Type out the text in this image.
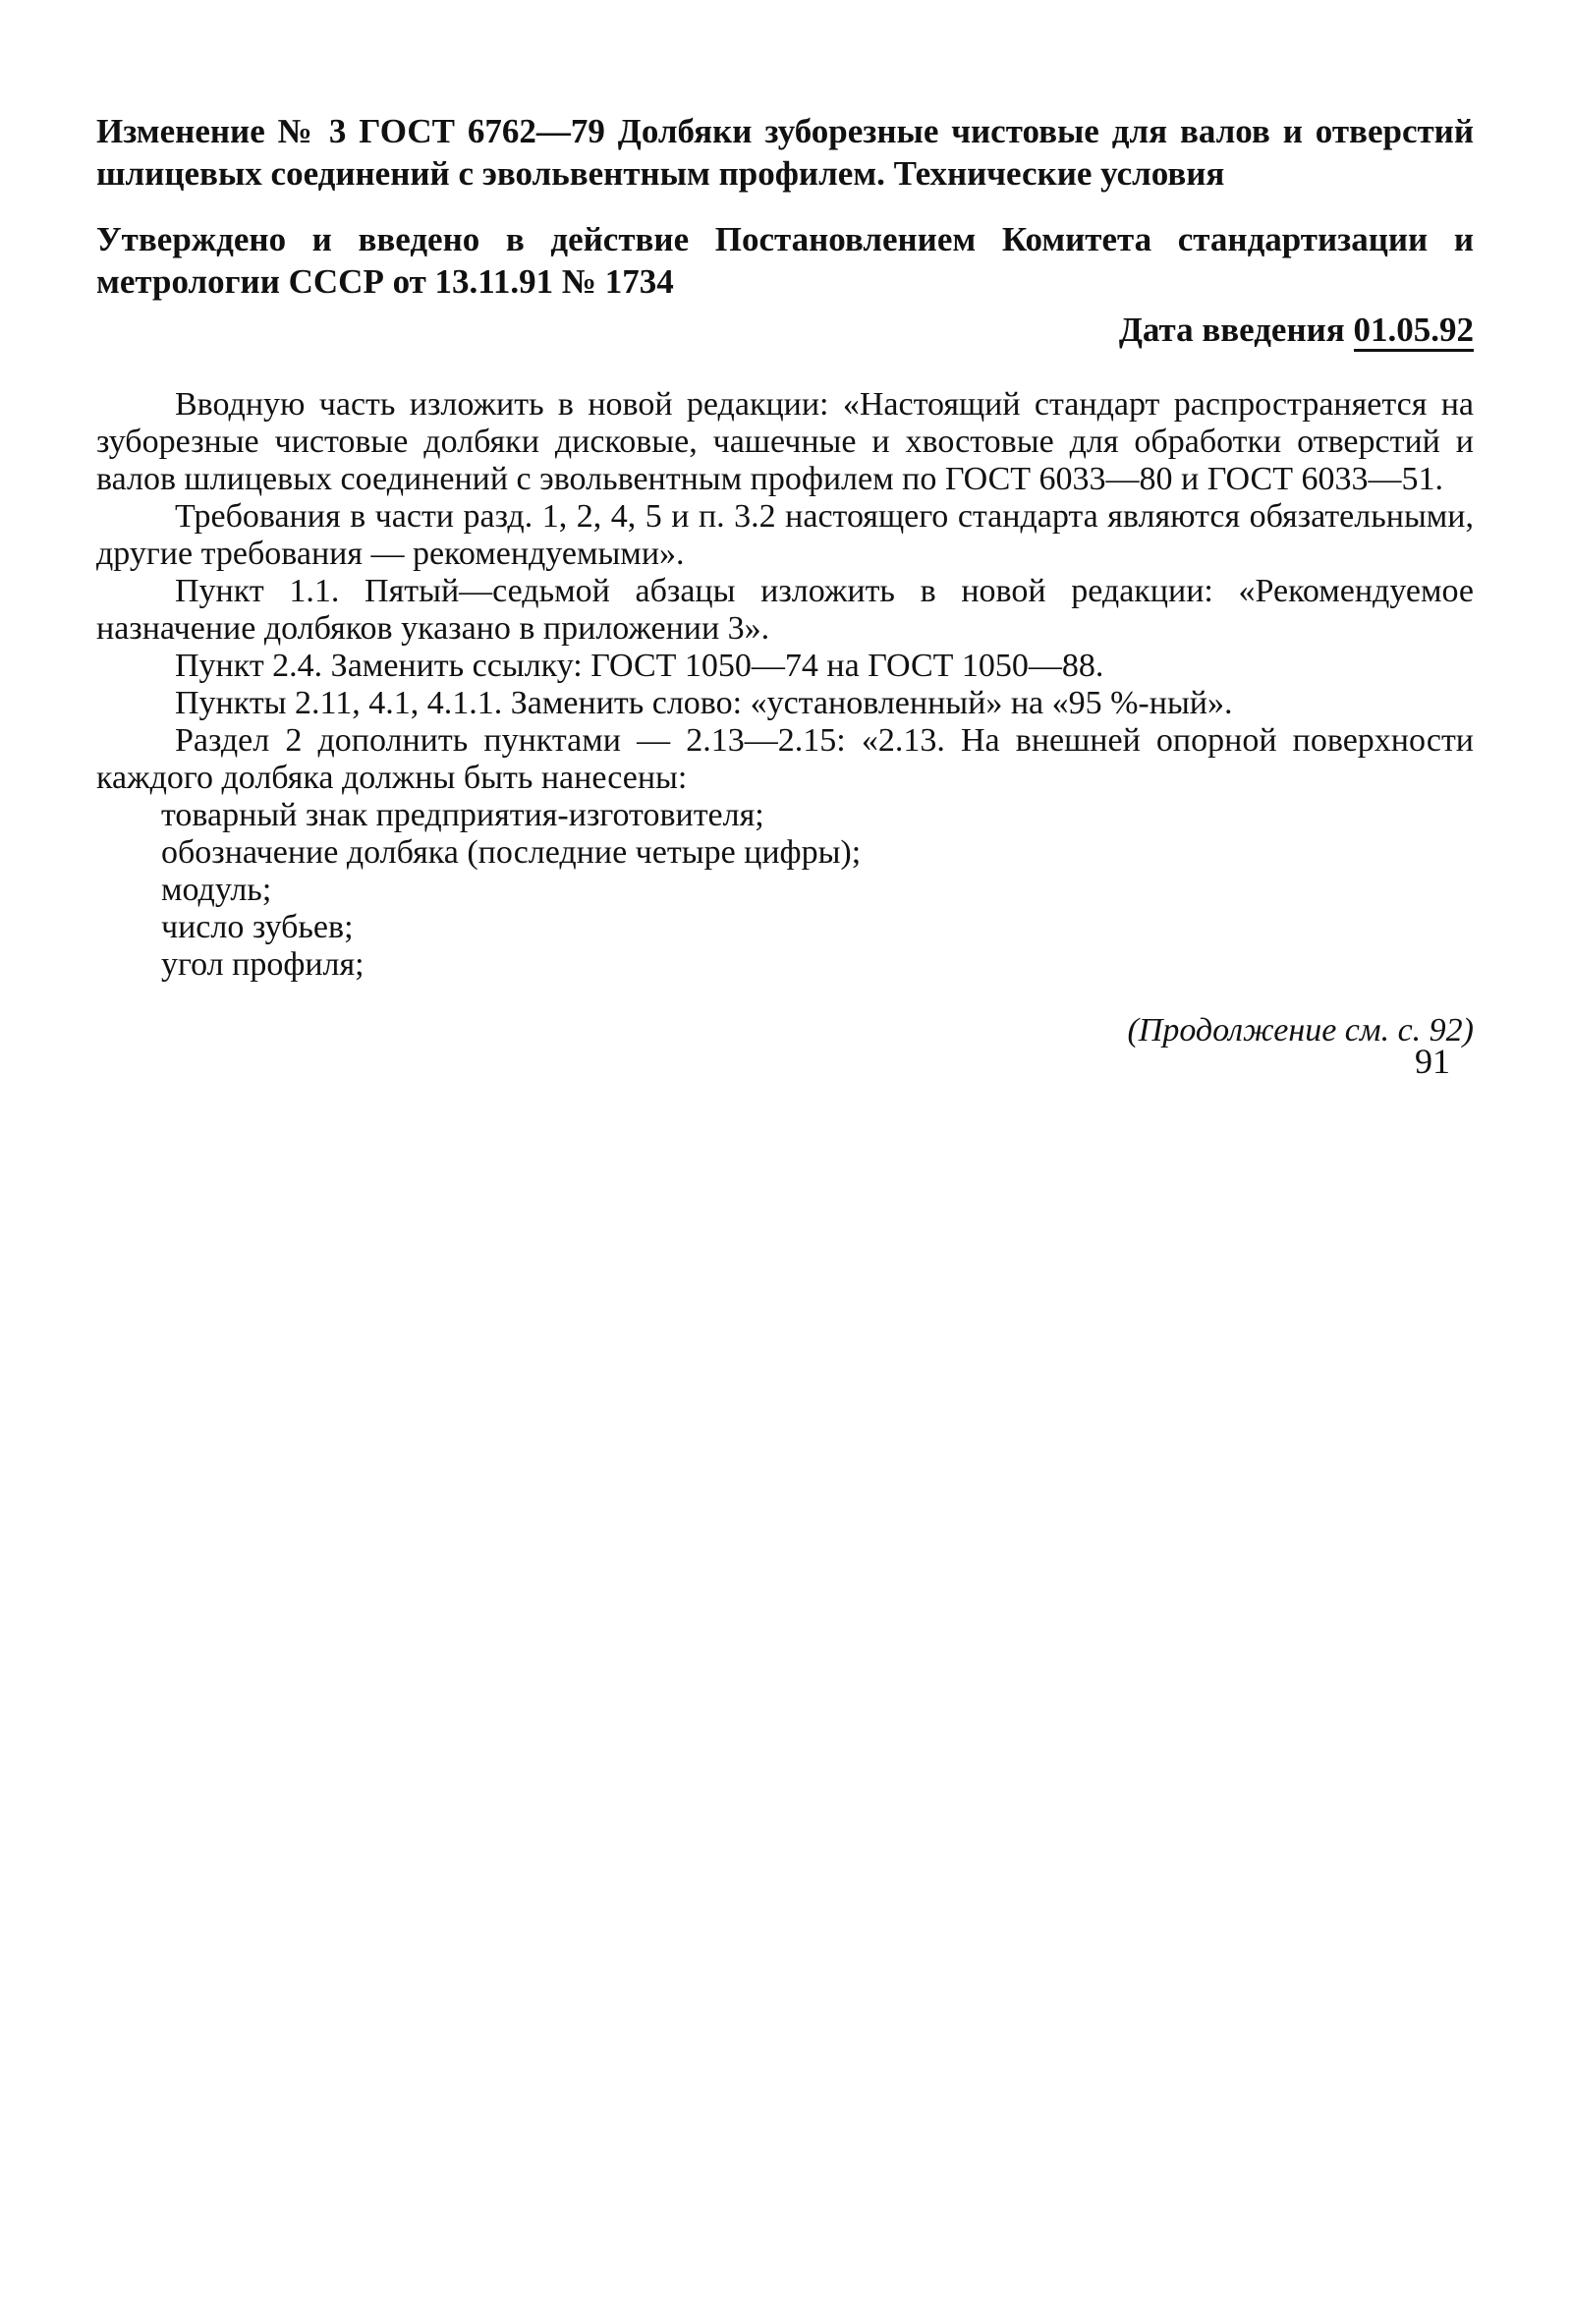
Изменение № 3 ГОСТ 6762—79 Долбяки зуборезные чистовые для валов и отверстий шлицевых соединений с эвольвентным профилем. Технические условия

Утверждено и введено в действие Постановлением Комитета стандартизации и метрологии СССР от 13.11.91 № 1734

Дата введения 01.05.92

Вводную часть изложить в новой редакции: «Настоящий стандарт распространяется на зуборезные чистовые долбяки дисковые, чашечные и хвостовые для обработки отверстий и валов шлицевых соединений с эвольвентным профилем по ГОСТ 6033—80 и ГОСТ 6033—51.

Требования в части разд. 1, 2, 4, 5 и п. 3.2 настоящего стандарта являются обязательными, другие требования — рекомендуемыми».

Пункт 1.1. Пятый—седьмой абзацы изложить в новой редакции: «Рекомендуемое назначение долбяков указано в приложении 3».

Пункт 2.4. Заменить ссылку: ГОСТ 1050—74 на ГОСТ 1050—88.

Пункты 2.11, 4.1, 4.1.1. Заменить слово: «установленный» на «95 %-ный».

Раздел 2 дополнить пунктами — 2.13—2.15: «2.13. На внешней опорной поверхности каждого долбяка должны быть нанесены:

товарный знак предприятия-изготовителя;
обозначение долбяка (последние четыре цифры);
модуль;
число зубьев;
угол профиля;
(Продолжение см. с. 92)
91
